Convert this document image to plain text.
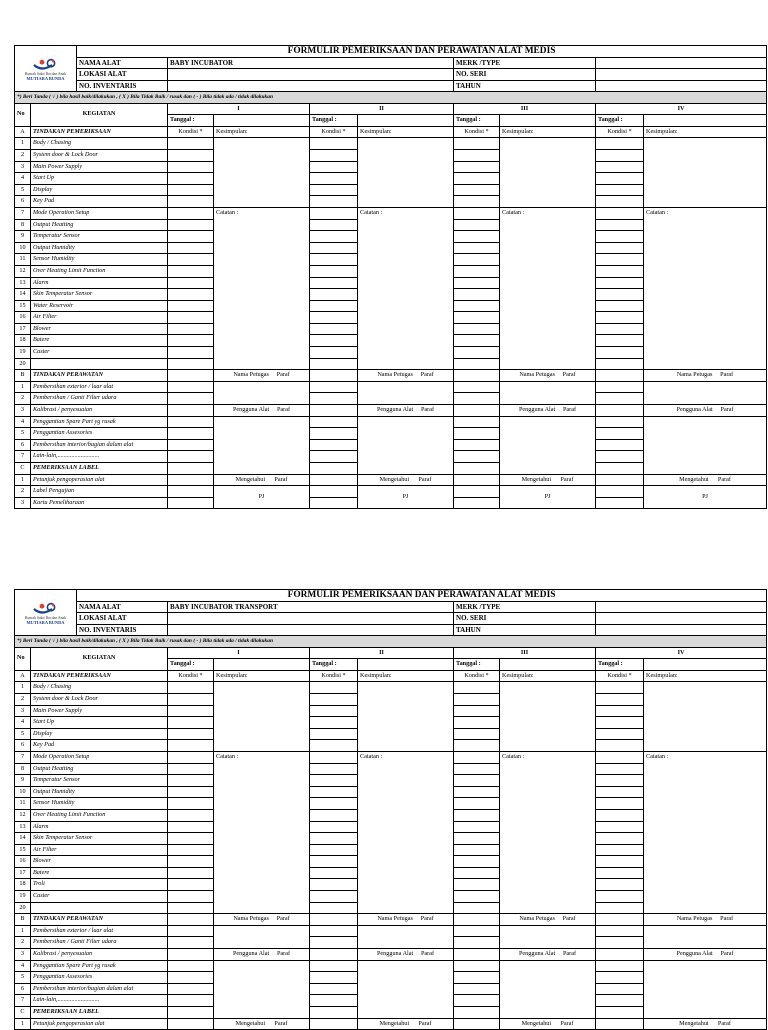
Rumah Sakit Ibu dan Anak
MUTIARA BUNDA		FORMULIR PEMERIKSAAN DAN PERAWATAN ALAT MEDIS								
		NAMA ALAT	BABY INCUBATOR				MERK /TYPE			
		LOKASI ALAT					NO. SERI			
		NO. INVENTARIS					TAHUN			
*) Beri Tanda ( √ ) bila hasil baik/dilakukan , ( X ) Bila Tidak Baik / rusak dan ( - ) Bila tidak ada / tidak dilakukan										
No	KEGIATAN		I		II		III		IV	
			Tanggal :		Tanggal :		Tanggal :		Tanggal :	
A	TINDAKAN PEMERIKSAAN		Kondisi *	Kesimpulan:	Kondisi *	Kesimpulan:	Kondisi *	Kesimpulan:	Kondisi *	Kesimpulan:
1	Body / Chasing									
2	System door & Lock Door									
3	Main Power Supply									
4	Start Up									
5	Display									
6	Key Pad									
7	Mode Operation Setup			Catatan :		Catatan :		Catatan :		Catatan :
8	Output Heatting									
9	Temperatur Sensor									
10	Output Humidity									
11	Sensor Humidity									
12	Over Heating Limit Function									
13	Alarm									
14	Skin Temperatur Sensor									
15	Water Reservoir									
16	Air Filter									
17	Blower									
18	Batere									
19	Caster									
20										
B	TINDAKAN PERAWATAN			Nama Petugas Paraf		Nama Petugas Paraf		Nama Petugas Paraf		Nama Petugas Paraf
1	Pembersihan exterior / luar alat									
2	Pembersihan / Ganti Filter udara									
3	Kalibrasi / penyesuaian			Pengguna Alat Paraf		Pengguna Alat Paraf		Pengguna Alat Paraf		Pengguna Alat Paraf
4	Penggantian Spare Part yg rusak									
5	Penggantian Assesories									
6	Pembersihan interior/bagian dalam alat									
7	Lain-lain,...........................									
C	PEMERIKSAAN LABEL									
1	Petunjuk pengoperasian alat			Mengetahui Paraf		Mengetahui Paraf		Mengetahui Paraf		Mengetahui Paraf
2	Label Pengujian			PJ		PJ		PJ		PJ
3	Kartu Pemeliharaan									
Rumah Sakit Ibu dan Anak
MUTIARA BUNDA		FORMULIR PEMERIKSAAN DAN PERAWATAN ALAT MEDIS								
		NAMA ALAT	BABY INCUBATOR TRANSPORT				MERK /TYPE			
		LOKASI ALAT					NO. SERI			
		NO. INVENTARIS					TAHUN			
*) Beri Tanda ( √ ) bila hasil baik/dilakukan , ( X ) Bila Tidak Baik / rusak dan ( - ) Bila tidak ada / tidak dilakukan										
No	KEGIATAN		I		II		III		IV	
			Tanggal :		Tanggal :		Tanggal :		Tanggal :	
A	TINDAKAN PEMERIKSAAN		Kondisi *	Kesimpulan:	Kondisi *	Kesimpulan:	Kondisi *	Kesimpulan:	Kondisi *	Kesimpulan:
1	Body / Chasing									
2	System door & Lock Door									
3	Main Power Supply									
4	Start Up									
5	Display									
6	Key Pad									
7	Mode Operation Setup			Catatan :		Catatan :		Catatan :		Catatan :
8	Output Heatting									
9	Temperatur Sensor									
10	Output Humidity									
11	Sensor Humidity									
12	Over Heating Limit Function									
13	Alarm									
14	Skin Temperatur Sensor									
15	Air Filter									
16	Blower									
17	Batere									
18	Troli									
19	Caster									
20										
B	TINDAKAN PERAWATAN			Nama Petugas Paraf		Nama Petugas Paraf		Nama Petugas Paraf		Nama Petugas Paraf
1	Pembersihan exterior / luar alat									
2	Pembersihan / Ganti Filter udara									
3	Kalibrasi / penyesuaian			Pengguna Alat Paraf		Pengguna Alat Paraf		Pengguna Alat Paraf		Pengguna Alat Paraf
4	Penggantian Spare Part yg rusak									
5	Penggantian Assesories									
6	Pembersihan interior/bagian dalam alat									
7	Lain-lain,...........................									
C	PEMERIKSAAN LABEL									
1	Petunjuk pengoperasian alat			Mengetahui Paraf		Mengetahui Paraf		Mengetahui Paraf		Mengetahui Paraf
